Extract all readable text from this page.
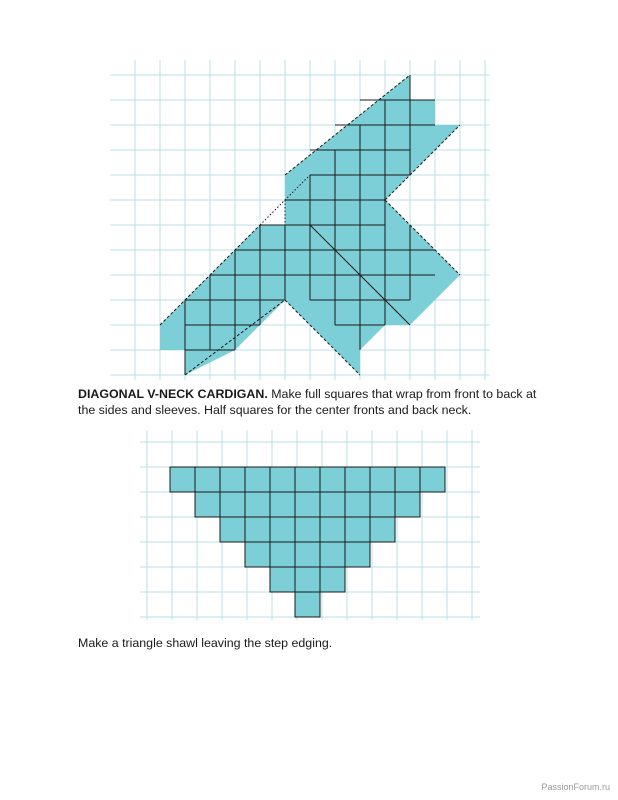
DIAGONAL V-NECK CARDIGAN. Make full squares that wrap from front to back at the sides and sleeves. Half squares for the center fronts and back neck.

Make a triangle shawl leaving the step edging.

PassionForum.ru
